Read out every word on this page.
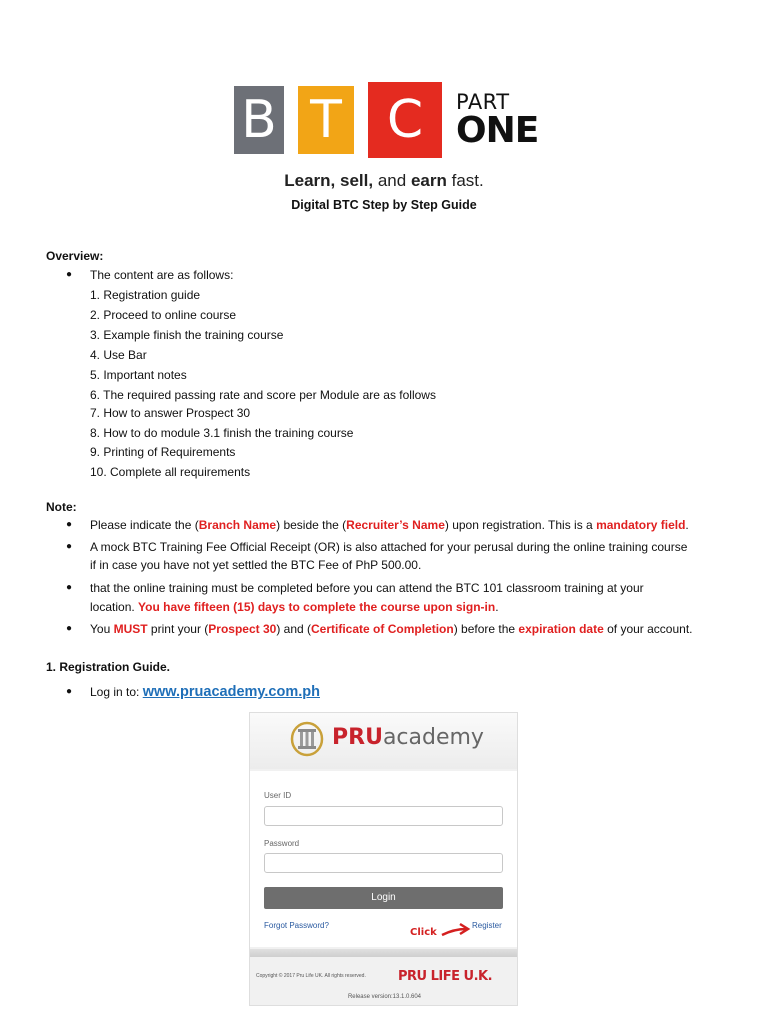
B T C	PART
ONE
Learn, sell, and earn fast.
Digital BTC Step by Step Guide
Overview:
● The content are as follows:
1. Registration guide
2. Proceed to online course
3. Example finish the training course
4. Use Bar
5. Important notes
6. The required passing rate and score per Module are as follows
7. How to answer Prospect 30
8. How to do module 3.1 finish the training course
9. Printing of Requirements
10. Complete all requirements
Note:
● Please indicate the (Branch Name) beside the (Recruiter’s Name) upon registration. This is a mandatory field.
● A mock BTC Training Fee Official Receipt (OR) is also attached for your perusal during the online training course
if in case you have not yet settled the BTC Fee of PhP 500.00.
● that the online training must be completed before you can attend the BTC 101 classroom training at your
location. You have fifteen (15) days to complete the course upon sign-in.
● You MUST print your (Prospect 30) and (Certificate of Completion) before the expiration date of your account.
1. Registration Guide.
● Log in to: www.pruacademy.com.ph
PRUacademy
User ID
Password
Login
Forgot Password?
Click
Register
Copyright © 2017 Pru Life UK. All rights reserved. PRU LIFE U.K.
Release version:13.1.0.604
